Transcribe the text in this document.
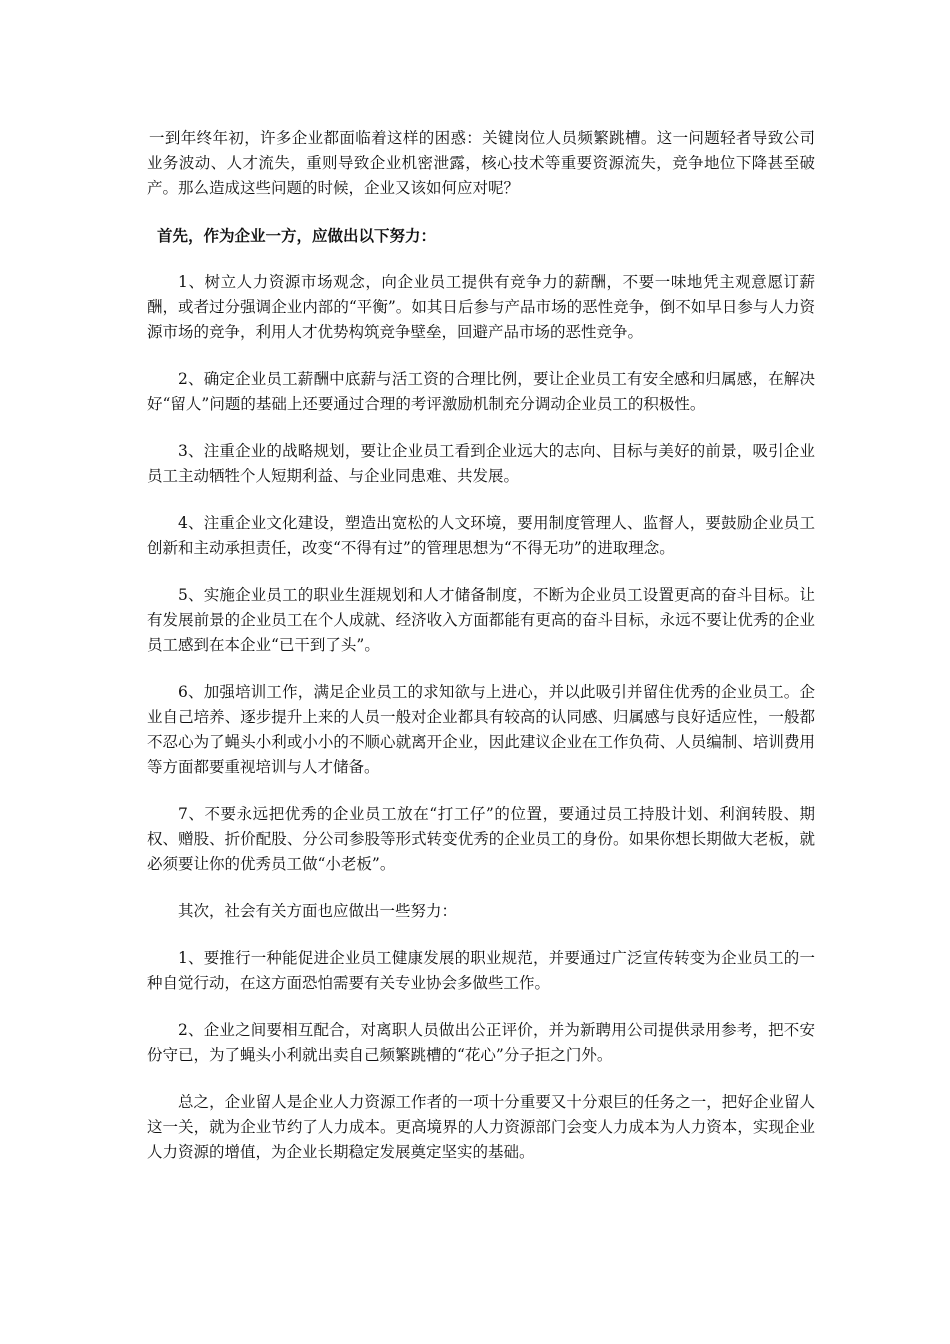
一到年终年初，许多企业都面临着这样的困惑：关键岗位人员频繁跳槽。这一问题轻者导致公司业务波动、人才流失，重则导致企业机密泄露，核心技术等重要资源流失，竞争地位下降甚至破产。那么造成这些问题的时候，企业又该如何应对呢？

首先，作为企业一方，应做出以下努力：

1、树立人力资源市场观念，向企业员工提供有竞争力的薪酬，不要一味地凭主观意愿订薪酬，或者过分强调企业内部的“平衡”。如其日后参与产品市场的恶性竞争，倒不如早日参与人力资源市场的竞争，利用人才优势构筑竞争壁垒，回避产品市场的恶性竞争。

2、确定企业员工薪酬中底薪与活工资的合理比例，要让企业员工有安全感和归属感，在解决好“留人”问题的基础上还要通过合理的考评激励机制充分调动企业员工的积极性。

3、注重企业的战略规划，要让企业员工看到企业远大的志向、目标与美好的前景，吸引企业员工主动牺牲个人短期利益、与企业同患难、共发展。

4、注重企业文化建设，塑造出宽松的人文环境，要用制度管理人、监督人，要鼓励企业员工创新和主动承担责任，改变“不得有过”的管理思想为“不得无功”的进取理念。

5、实施企业员工的职业生涯规划和人才储备制度，不断为企业员工设置更高的奋斗目标。让有发展前景的企业员工在个人成就、经济收入方面都能有更高的奋斗目标，永远不要让优秀的企业员工感到在本企业“已干到了头”。

6、加强培训工作，满足企业员工的求知欲与上进心，并以此吸引并留住优秀的企业员工。企业自己培养、逐步提升上来的人员一般对企业都具有较高的认同感、归属感与良好适应性，一般都不忍心为了蝇头小利或小小的不顺心就离开企业，因此建议企业在工作负荷、人员编制、培训费用等方面都要重视培训与人才储备。

7、不要永远把优秀的企业员工放在“打工仔”的位置，要通过员工持股计划、利润转股、期权、赠股、折价配股、分公司参股等形式转变优秀的企业员工的身份。如果你想长期做大老板，就必须要让你的优秀员工做“小老板”。

其次，社会有关方面也应做出一些努力：

1、要推行一种能促进企业员工健康发展的职业规范，并要通过广泛宣传转变为企业员工的一种自觉行动，在这方面恐怕需要有关专业协会多做些工作。

2、企业之间要相互配合，对离职人员做出公正评价，并为新聘用公司提供录用参考，把不安份守已，为了蝇头小利就出卖自己频繁跳槽的“花心”分子拒之门外。

总之，企业留人是企业人力资源工作者的一项十分重要又十分艰巨的任务之一，把好企业留人这一关，就为企业节约了人力成本。更高境界的人力资源部门会变人力成本为人力资本，实现企业人力资源的增值，为企业长期稳定发展奠定坚实的基础。
